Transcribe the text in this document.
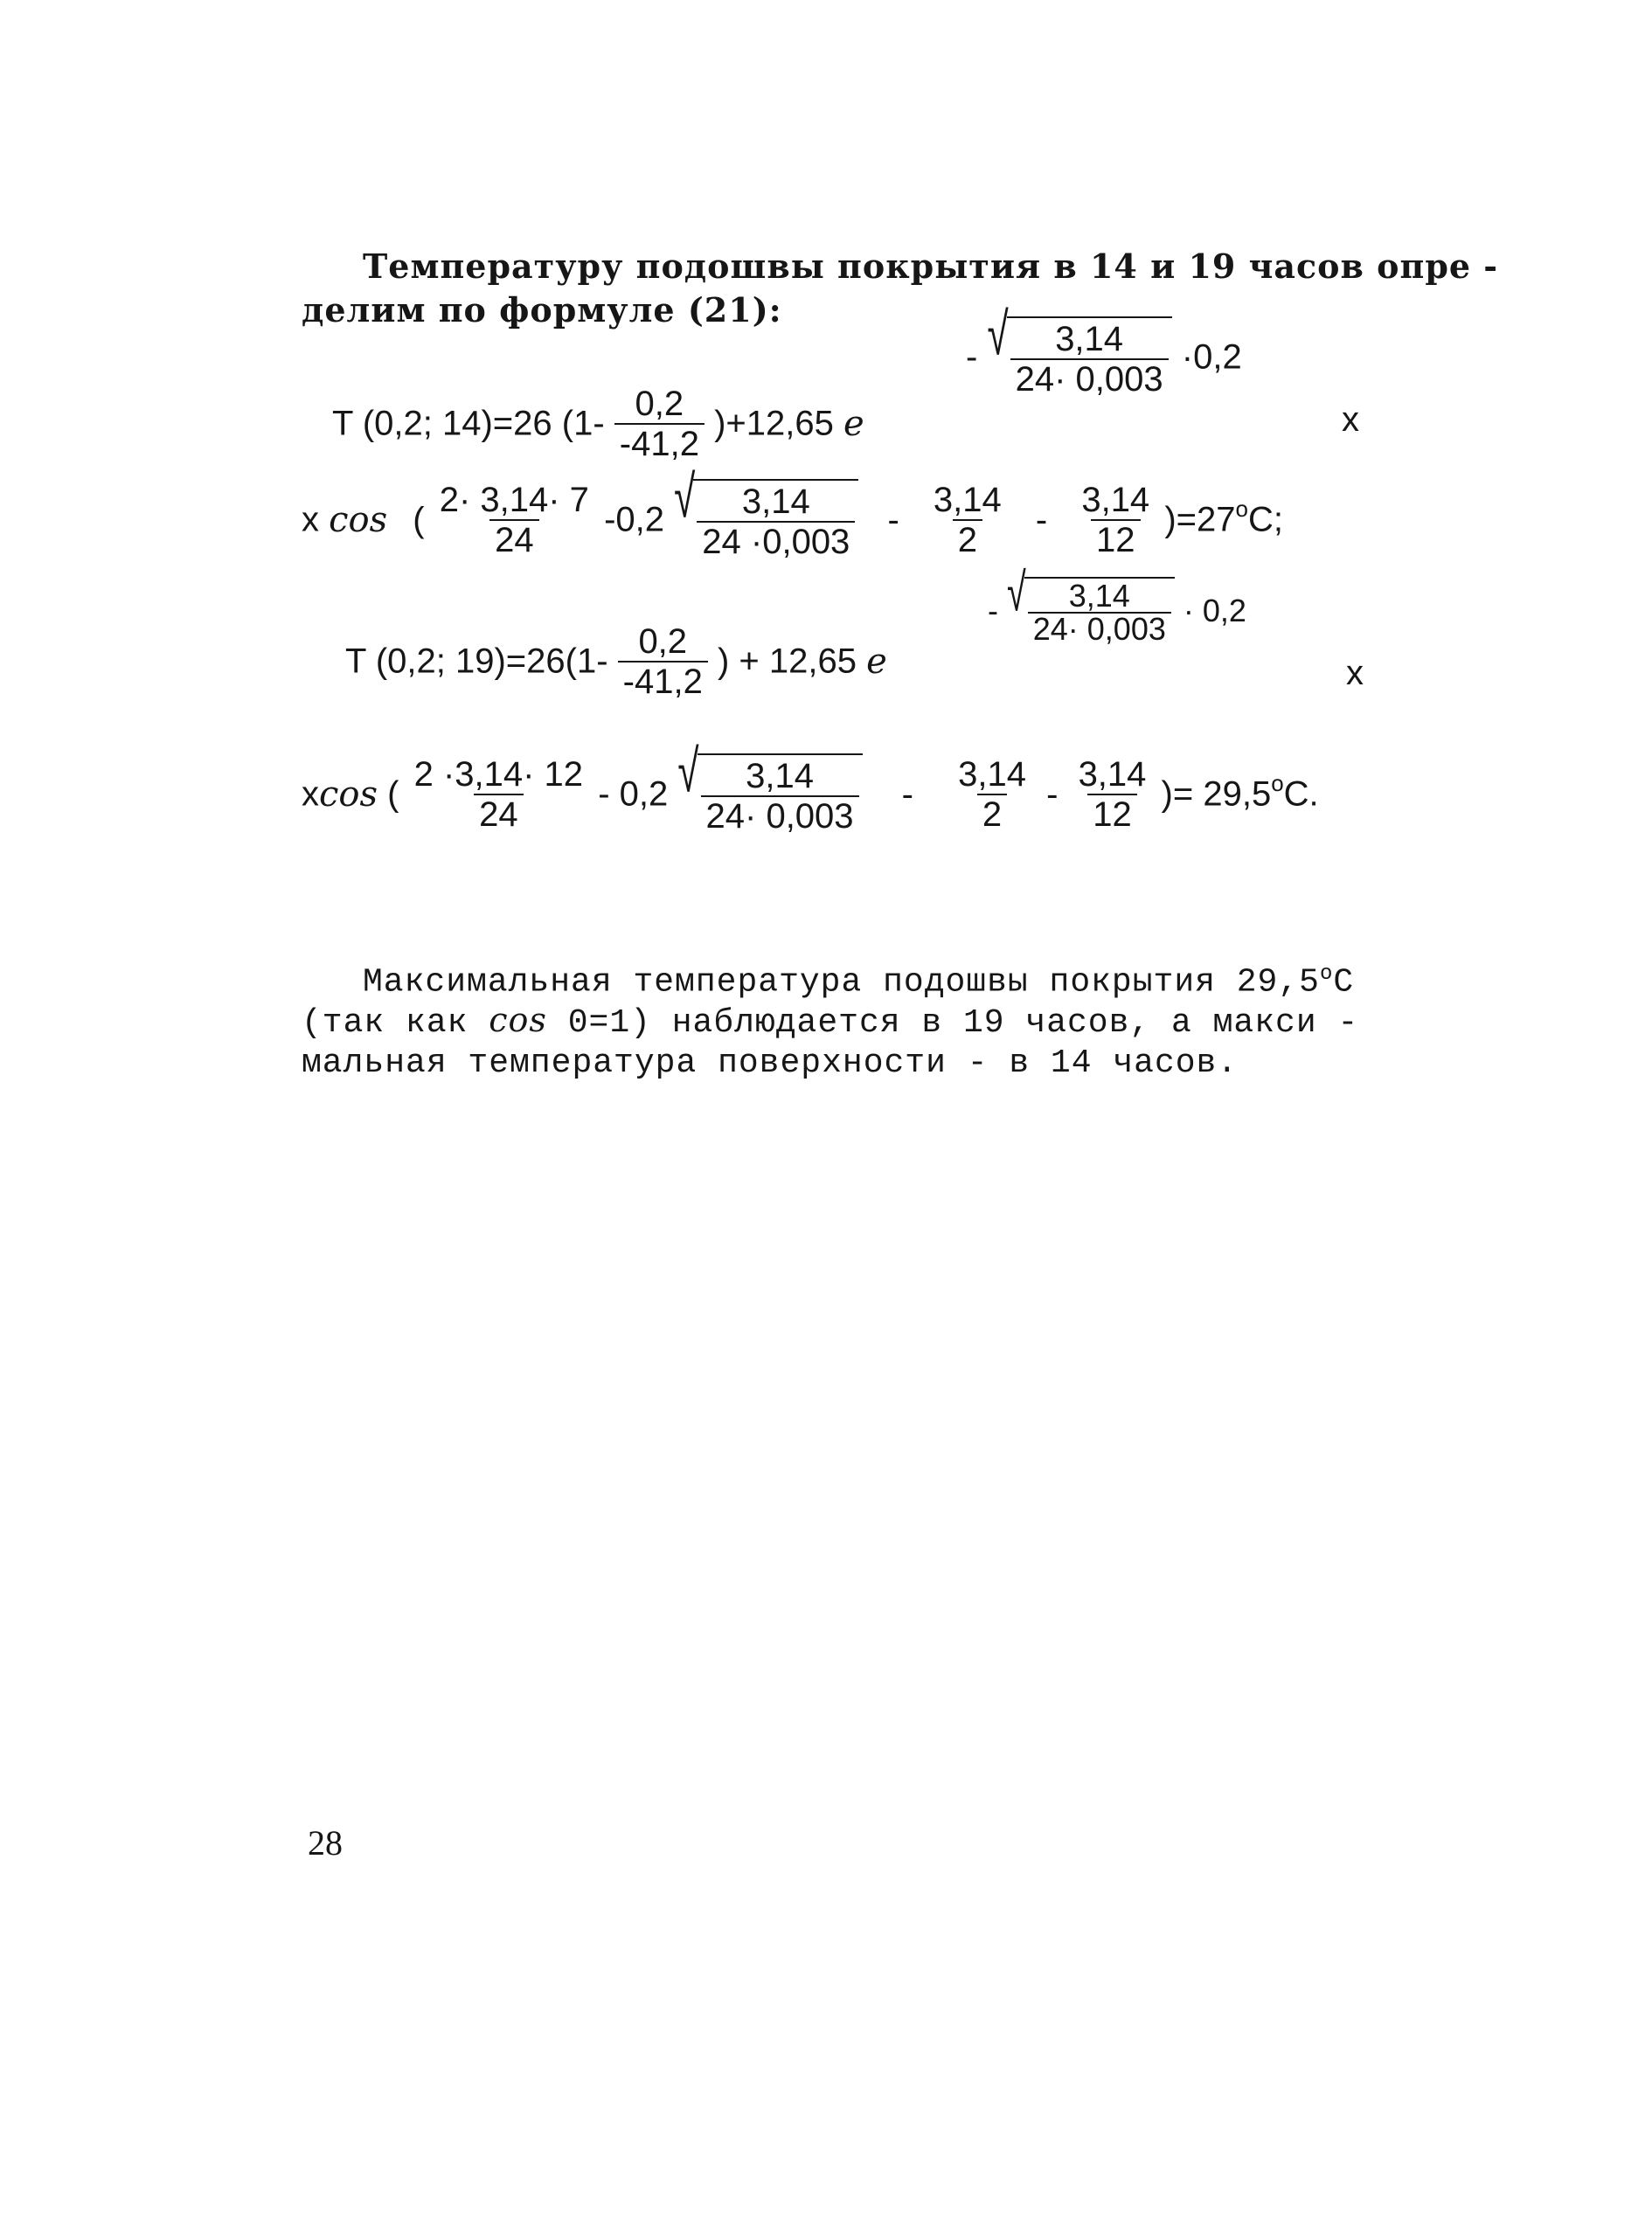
Температуру подошвы покрытия в 14 и 19 часов опре -
делим по формуле (21):
- √ $\frac{3,14}{24\cdot 0,003} \cdot 0,2$
T (0,2; 14)=26 $(1- \frac{0,2}{-41,2} )+12,65$ e	x
x cos ( $\frac{2\cdot 3,14\cdot 7}{24} -0,2$ √ $\frac{3,14}{24 \cdot 0,003} - \frac{3,14}{2} - \frac{3,14}{12} )=27^oC$;
- √ $\frac{3,14}{24\cdot 0,003} \cdot 0,2$
T (0,2; $19)=26(1- \frac{0,2}{-41,2}$ ) + 12,65 e	x
xcos ( $\frac{2 \cdot 3,14\cdot 12}{24} - 0,2$ √ $\frac{3,14}{24\cdot 0,003} - \frac{3,14}{2} - \frac{3,14}{12}$ )= $29,5^oC$.
Максимальная температура подошвы покрытия 29,5$^o$C
(так как cos 0=1) наблюдается в 19 часов, а макси -
мальная температура поверхности - в 14 часов.
28
